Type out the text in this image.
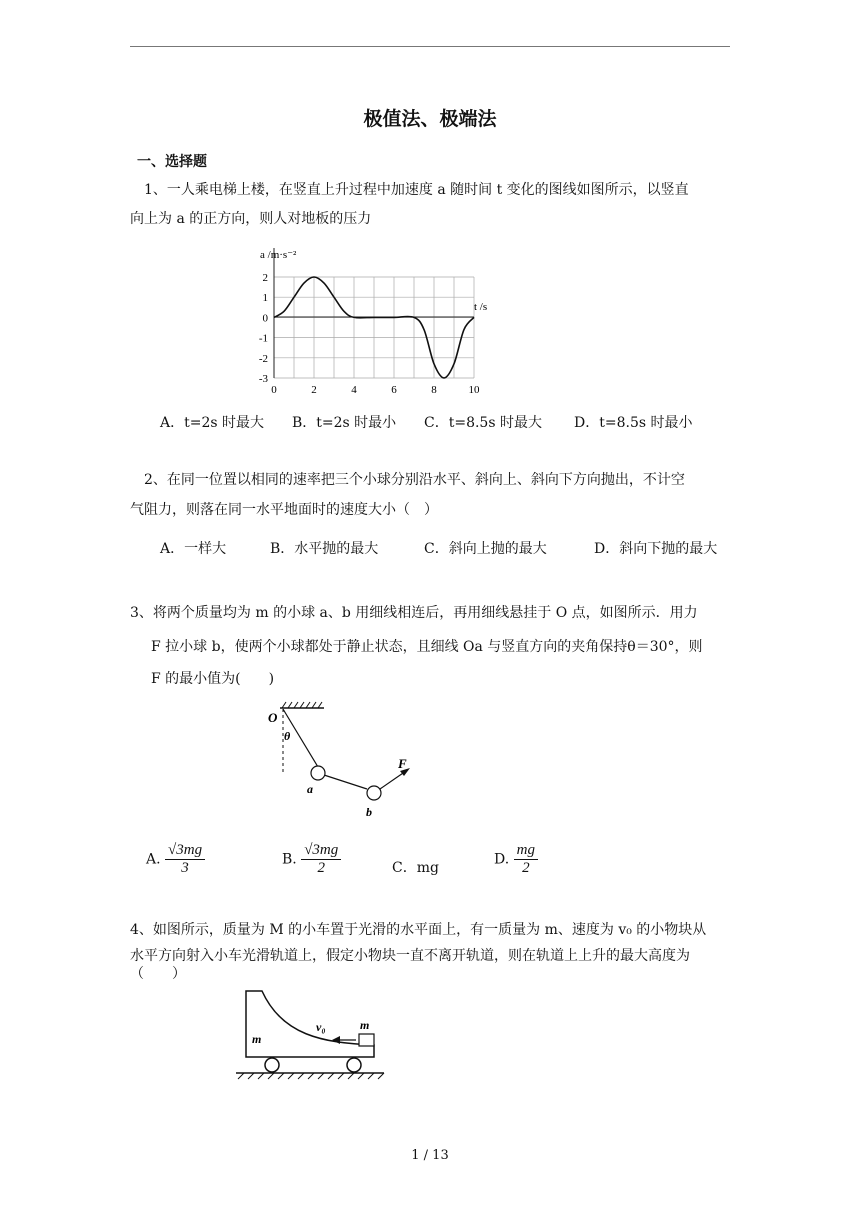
极值法、极端法
一、选择题
1、一人乘电梯上楼，在竖直上升过程中加速度 a 随时间 t 变化的图线如图所示，以竖直
向上为 a 的正方向，则人对地板的压力
a /m·s⁻²
t /s
0	2	4	6	8	10
2
1
0
-1
-2
-3
A．t=2s 时最大 B．t=2s 时最小 C．t=8.5s 时最大 D．t=8.5s 时最小
2、在同一位置以相同的速率把三个小球分别沿水平、斜向上、斜向下方向抛出，不计空
气阻力，则落在同一水平地面时的速度大小（　）
A．一样大	B．水平抛的最大	C．斜向上抛的最大	D．斜向下抛的最大
3、将两个质量均为 m 的小球 a、b 用细线相连后，再用细线悬挂于 O 点，如图所示．用力
F 拉小球 b，使两个小球都处于静止状态，且细线 Oa 与竖直方向的夹角保持θ＝30°，则
F 的最小值为(　　)
O
θ
a
b
F
A. $\frac{√3mg}{3}$	B. $\frac{√3mg}{2}$	C．mg
D. $\frac{mg}{2}$
4、如图所示，质量为 M 的小车置于光滑的水平面上，有一质量为 m、速度为 v₀ 的小物块从
水平方向射入小车光滑轨道上，假定小物块一直不离开轨道，则在轨道上上升的最大高度为
（　　）
m
v₀	m
1 / 13
